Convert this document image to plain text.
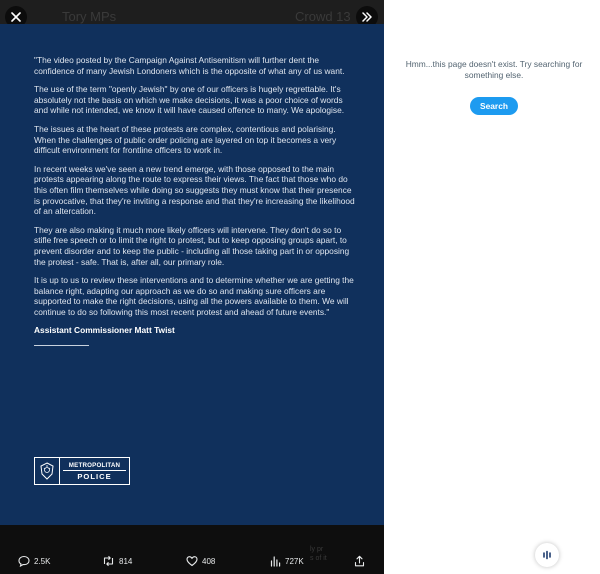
Tory MPs	Crowd 13

"The video posted by the Campaign Against Antisemitism will further dent the confidence of many Jewish Londoners which is the opposite of what any of us want.

The use of the term "openly Jewish" by one of our officers is hugely regrettable. It's absolutely not the basis on which we make decisions, it was a poor choice of words and while not intended, we know it will have caused offence to many. We apologise.

The issues at the heart of these protests are complex, contentious and polarising. When the challenges of public order policing are layered on top it becomes a very difficult environment for frontline officers to work in.

In recent weeks we've seen a new trend emerge, with those opposed to the main protests appearing along the route to express their views. The fact that those who do this often film themselves while doing so suggests they must know that their presence is provocative, that they're inviting a response and that they're increasing the likelihood of an altercation.

They are also making it much more likely officers will intervene. They don't do so to stifle free speech or to limit the right to protest, but to keep opposing groups apart, to prevent disorder and to keep the public - including all those taking part in or opposing the protest - safe. That is, after all, our primary role.

It is up to us to review these interventions and to determine whether we are getting the balance right, adapting our approach as we do so and making sure officers are supported to make the right decisions, using all the powers available to them. We will continue to do so following this most recent protest and ahead of future events."

Assistant Commissioner Matt Twist
METROPOLITAN
POLICE
ly pr
s of it
2.5K	814	408	727K
Hmm...this page doesn't exist. Try searching for something else.
Search
